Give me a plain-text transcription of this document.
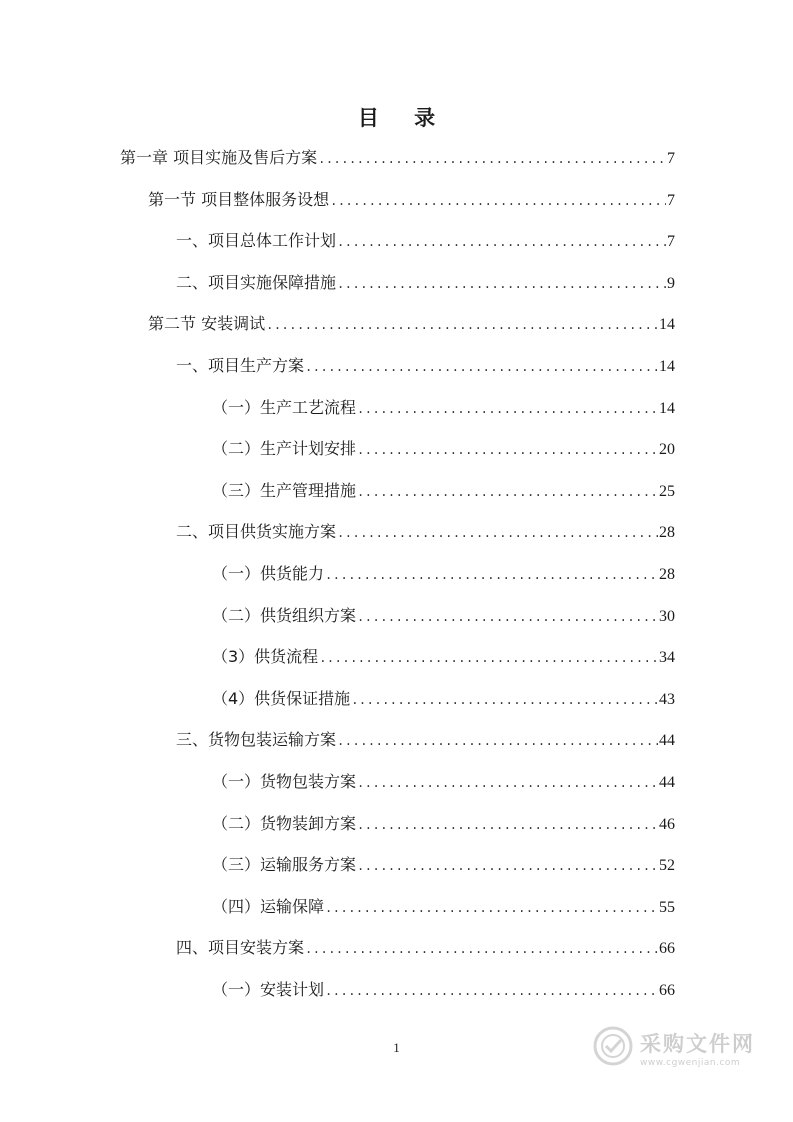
目 录
第一章 项目实施及售后方案 .....	7
第一节 项目整体服务设想 .....	7
一、项目总体工作计划 .....	7
二、项目实施保障措施 .....	9
第二节 安装调试 .....	14
一、项目生产方案 .....	14
（一）生产工艺流程 .....	14
（二）生产计划安排 .....	20
（三）生产管理措施 .....	25
二、项目供货实施方案 .....	28
（一）供货能力 .....	28
（二）供货组织方案 .....	30
（3）供货流程 .....	34
（4）供货保证措施 .....	43
三、货物包装运输方案 .....	44
（一）货物包装方案 .....	44
（二）货物装卸方案 .....	46
（三）运输服务方案 .....	52
（四）运输保障 .....	55
四、项目安装方案 .....	66
（一）安装计划 .....	66
1	采购文件网
www.cgwenjian.com
